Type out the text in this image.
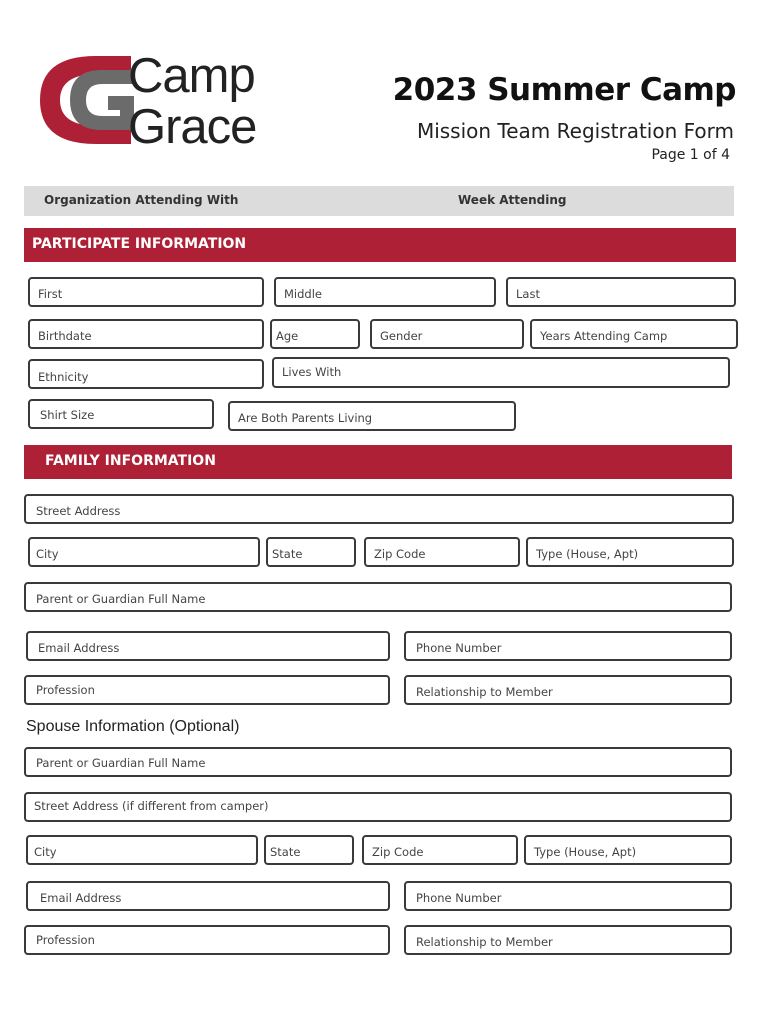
Camp
Grace
2023 Summer Camp
Mission Team Registration Form
Page 1 of 4
Organization Attending With	Week Attending
PARTICIPATE INFORMATION
First	Middle	Last
Birthdate	Age	Gender	Years Attending Camp
Ethnicity	Lives With
Shirt Size	Are Both Parents Living
FAMILY INFORMATION
Street Address
City	State	Zip Code	Type (House, Apt)
Parent or Guardian Full Name
Email Address	Phone Number
Profession	Relationship to Member
Spouse Information (Optional)
Parent or Guardian Full Name
Street Address (if different from camper)
City	State	Zip Code	Type (House, Apt)
Email Address	Phone Number
Profession	Relationship to Member
